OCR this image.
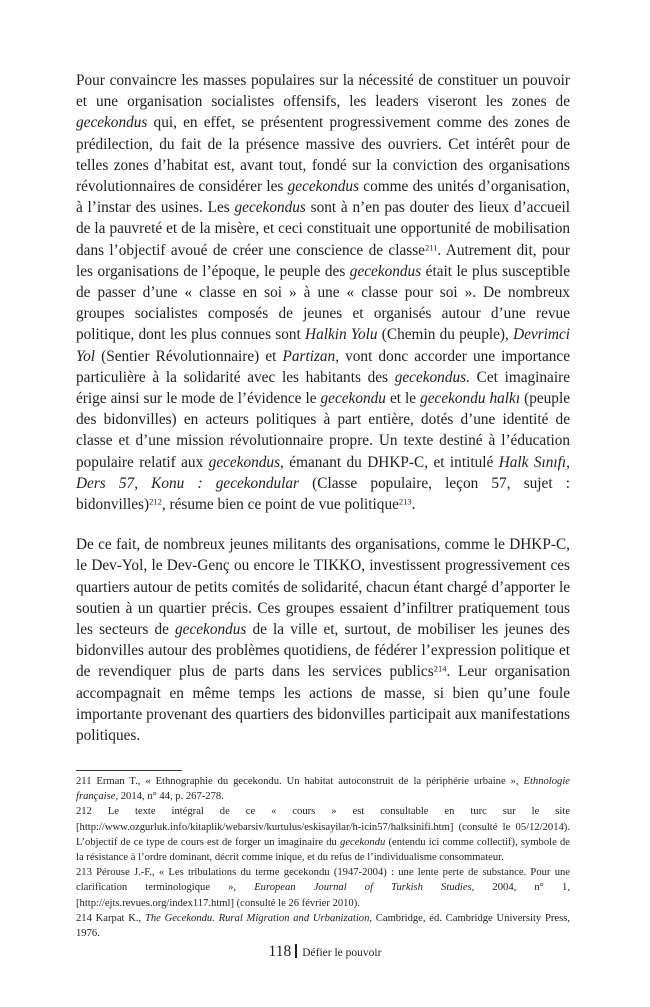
Pour convaincre les masses populaires sur la nécessité de constituer un pouvoir et une organisation socialistes offensifs, les leaders viseront les zones de gecekondus qui, en effet, se présentent progressivement comme des zones de prédilection, du fait de la présence massive des ouvriers. Cet intérêt pour de telles zones d’habitat est, avant tout, fondé sur la conviction des organisations révolutionnaires de considérer les gecekondus comme des unités d’organisation, à l’instar des usines. Les gecekondus sont à n’en pas douter des lieux d’accueil de la pauvreté et de la misère, et ceci constituait une opportunité de mobilisation dans l’objectif avoué de créer une conscience de classe$^{211}$. Autrement dit, pour les organisations de l’époque, le peuple des gecekondus était le plus susceptible de passer d’une « classe en soi » à une « classe pour soi ». De nombreux groupes socialistes composés de jeunes et organisés autour d’une revue politique, dont les plus connues sont Halkin Yolu (Chemin du peuple), Devrimci Yol (Sentier Révolutionnaire) et Partizan, vont donc accorder une importance particulière à la solidarité avec les habitants des gecekondus. Cet imaginaire érige ainsi sur le mode de l’évidence le gecekondu et le gecekondu halkı (peuple des bidonvilles) en acteurs politiques à part entière, dotés d’une identité de classe et d’une mission révolutionnaire propre. Un texte destiné à l’éducation populaire relatif aux gecekondus, émanant du DHKP-C, et intitulé Halk Sınıfı, Ders 57, Konu : gecekondular (Classe populaire, leçon 57, sujet : bidonvilles)$^{212}$, résume bien ce point de vue politique$^{213}$.

De ce fait, de nombreux jeunes militants des organisations, comme le DHKP-C, le Dev-Yol, le Dev-Genç ou encore le TIKKO, investissent progressivement ces quartiers autour de petits comités de solidarité, chacun étant chargé d’apporter le soutien à un quartier précis. Ces groupes essaient d’infiltrer pratiquement tous les secteurs de gecekondus de la ville et, surtout, de mobiliser les jeunes des bidonvilles autour des problèmes quotidiens, de fédérer l’expression politique et de revendiquer plus de parts dans les services publics$^{214}$. Leur organisation accompagnait en même temps les actions de masse, si bien qu’une foule importante provenant des quartiers des bidonvilles participait aux manifestations politiques.

211 Erman T., « Ethnographie du gecekondu. Un habitat autoconstruit de la périphérie urbaine », Ethnologie française, 2014, n° 44, p. 267-278.

212 Le texte intégral de ce « cours » est consultable en turc sur le site [http://www.ozgurluk.info/kitaplik/webarsiv/kurtulus/eskisayilar/h-icin57/halksinifi.htm] (consulté le 05/12/2014). L’objectif de ce type de cours est de forger un imaginaire du gecekondu (entendu ici comme collectif), symbole de la résistance à l’ordre dominant, décrit comme inique, et du refus de l’individualisme consommateur.

213 Pérouse J.-F., « Les tribulations du terme gecekondu (1947-2004) : une lente perte de substance. Pour une clarification terminologique », European Journal of Turkish Studies, 2004, n° 1, [http://ejts.revues.org/index117.html] (consulté le 26 février 2010).

214 Karpat K., The Gecekondu. Rural Migration and Urbanization, Cambridge, éd. Cambridge University Press, 1976.

118 Défier le pouvoir
